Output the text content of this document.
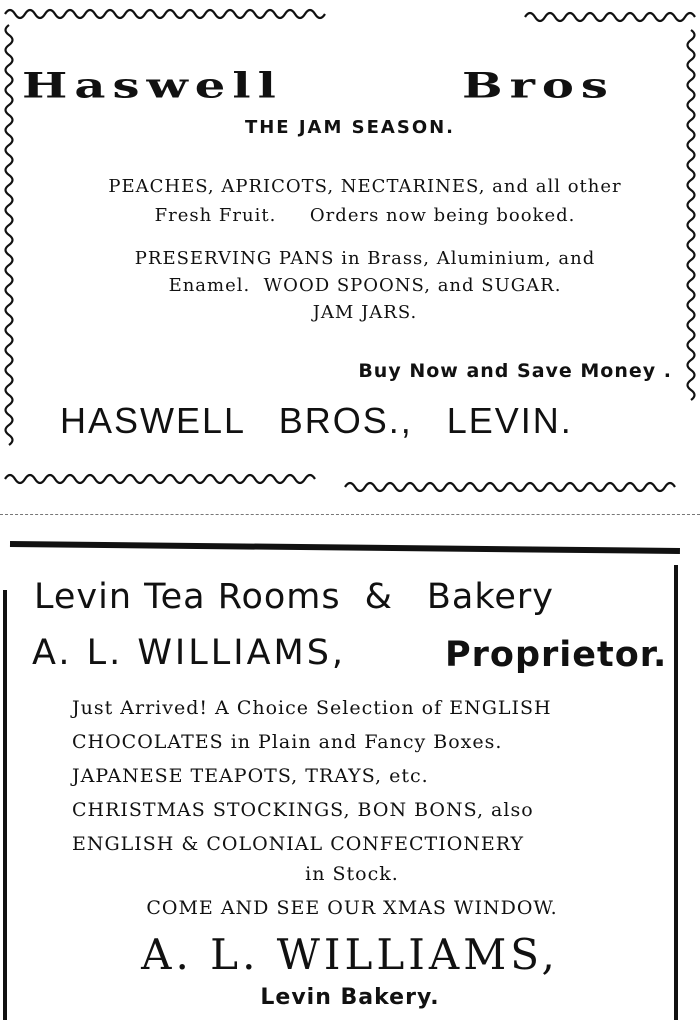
Haswell	Bros
THE JAM SEASON.
PEACHES, APRICOTS, NECTARINES, and all other
Fresh Fruit.     Orders now being booked.
PRESERVING PANS in Brass, Aluminium, and
Enamel.  WOOD SPOONS, and SUGAR.
JAM JARS.
Buy Now and Save Money .
HASWELL BROS., LEVIN.
Levin Tea Rooms & Bakery
A. L. WILLIAMS,	Proprietor.
Just Arrived! A Choice Selection of ENGLISH
CHOCOLATES in Plain and Fancy Boxes.
JAPANESE TEAPOTS, TRAYS, etc.
CHRISTMAS STOCKINGS, BON BONS, also
ENGLISH & COLONIAL CONFECTIONERY
in Stock.
COME AND SEE OUR XMAS WINDOW.
A. L. WILLIAMS,
Levin Bakery.
